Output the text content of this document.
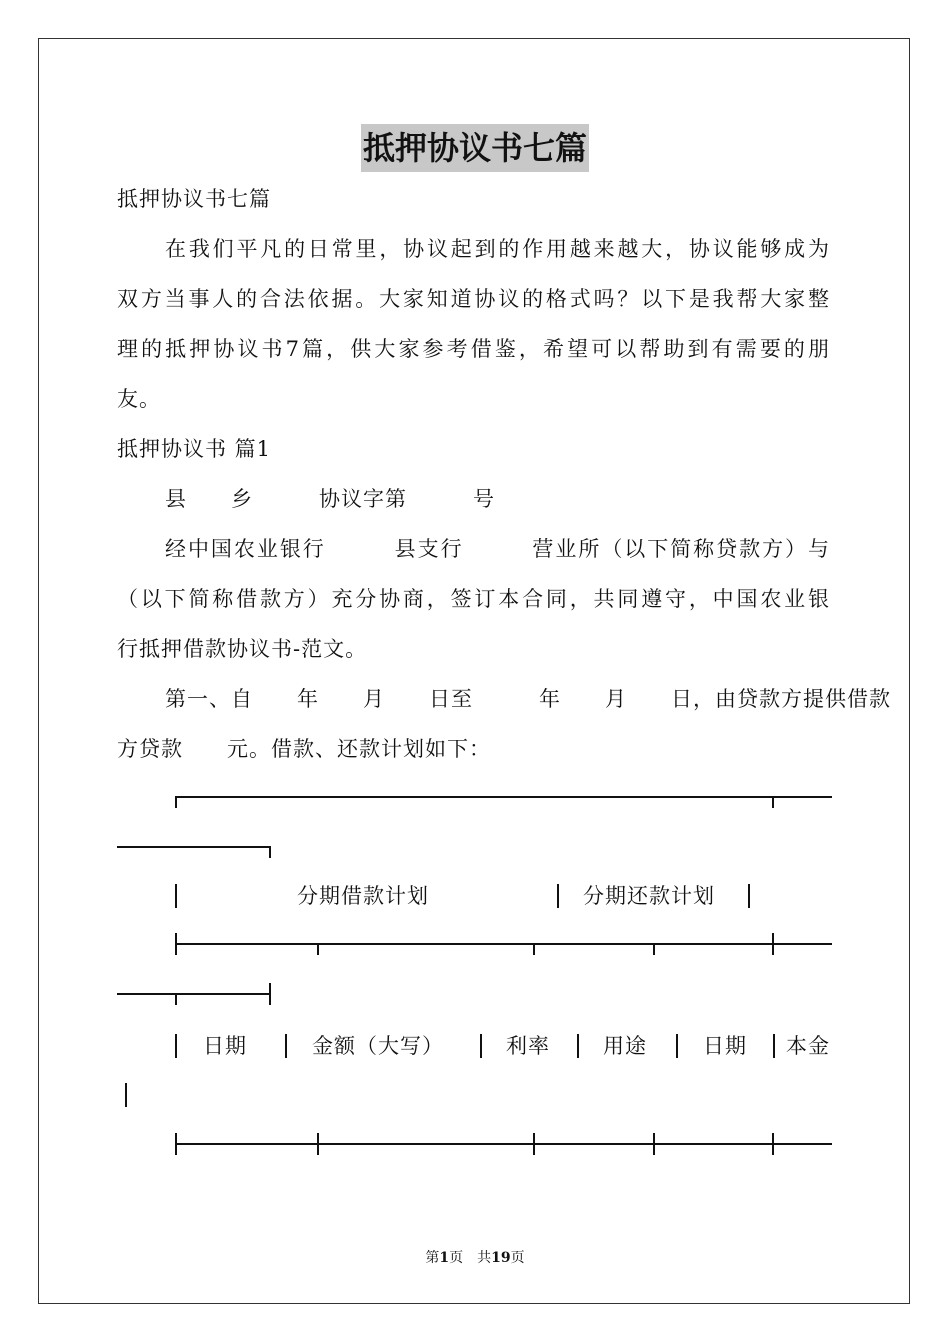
抵押协议书七篇
抵押协议书七篇
在我们平凡的日常里，协议起到的作用越来越大，协议能够成为
双方当事人的合法依据。大家知道协议的格式吗？以下是我帮大家整
理的抵押协议书7篇，供大家参考借鉴，希望可以帮助到有需要的朋
友。
抵押协议书 篇1
县　　乡　　　协议字第　　　号
经中国农业银行　　　县支行　　　营业所（以下简称贷款方）与
（以下简称借款方）充分协商，签订本合同，共同遵守，中国农业银
行抵押借款协议书-范文。
第一、自　　年　　月　　日至　　　年　　月　　日，由贷款方提供借款
方贷款　　元。借款、还款计划如下：
分期借款计划	分期还款计划
日期	金额（大写）	利率	用途	日期 本金
第1页　共19页
